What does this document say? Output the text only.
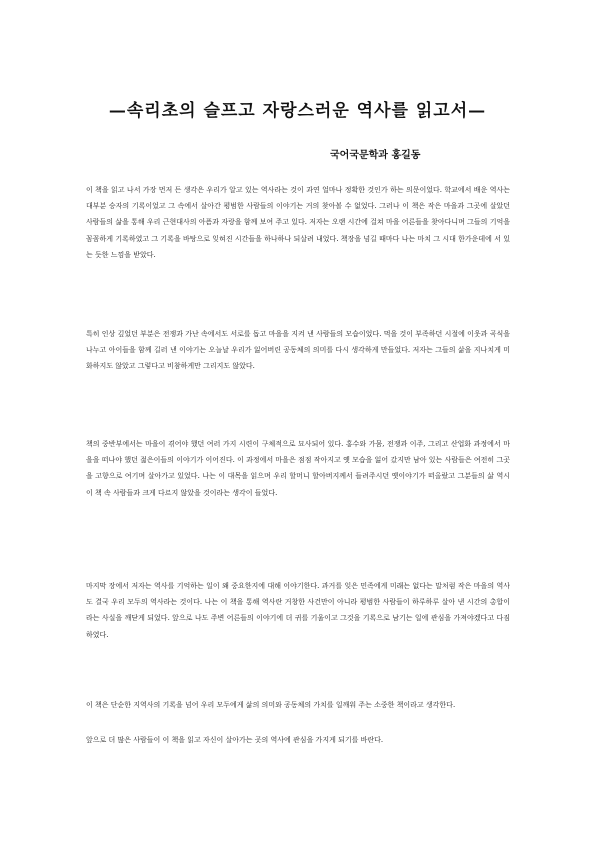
—속리초의 슬프고 자랑스러운 역사를 읽고서—
국어국문학과 홍길동

이 책을 읽고 나서 가장 먼저 든 생각은 우리가 알고 있는 역사라는 것이 과연 얼마나 정확한 것인가 하는 의문이었다. 학교에서 배운 역사는 대부분 승자의 기록이었고 그 속에서 살아간 평범한 사람들의 이야기는 거의 찾아볼 수 없었다. 그러나 이 책은 작은 마을과 그곳에 살았던 사람들의 삶을 통해 우리 근현대사의 아픔과 자랑을 함께 보여 주고 있다. 저자는 오랜 시간에 걸쳐 마을 어른들을 찾아다니며 그들의 기억을 꼼꼼하게 기록하였고 그 기록을 바탕으로 잊혀진 시간들을 하나하나 되살려 내었다. 책장을 넘길 때마다 나는 마치 그 시대 한가운데에 서 있는 듯한 느낌을 받았다.

특히 인상 깊었던 부분은 전쟁과 가난 속에서도 서로를 돕고 마을을 지켜 낸 사람들의 모습이었다. 먹을 것이 부족하던 시절에 이웃과 곡식을 나누고 아이들을 함께 길러 낸 이야기는 오늘날 우리가 잃어버린 공동체의 의미를 다시 생각하게 만들었다. 저자는 그들의 삶을 지나치게 미화하지도 않았고 그렇다고 비참하게만 그리지도 않았다.

책의 중반부에서는 마을이 겪어야 했던 여러 가지 시련이 구체적으로 묘사되어 있다. 홍수와 가뭄, 전쟁과 이주, 그리고 산업화 과정에서 마을을 떠나야 했던 젊은이들의 이야기가 이어진다. 이 과정에서 마을은 점점 작아지고 옛 모습을 잃어 갔지만 남아 있는 사람들은 여전히 그곳을 고향으로 여기며 살아가고 있었다. 나는 이 대목을 읽으며 우리 할머니 할아버지께서 들려주시던 옛이야기가 떠올랐고 그분들의 삶 역시 이 책 속 사람들과 크게 다르지 않았을 것이라는 생각이 들었다.

마지막 장에서 저자는 역사를 기억하는 일이 왜 중요한지에 대해 이야기한다. 과거를 잊은 민족에게 미래는 없다는 말처럼 작은 마을의 역사도 결국 우리 모두의 역사라는 것이다. 나는 이 책을 통해 역사란 거창한 사건만이 아니라 평범한 사람들이 하루하루 살아 낸 시간의 총합이라는 사실을 깨닫게 되었다. 앞으로 나도 주변 어른들의 이야기에 더 귀를 기울이고 그것을 기록으로 남기는 일에 관심을 가져야겠다고 다짐하였다.

이 책은 단순한 지역사의 기록을 넘어 우리 모두에게 삶의 의미와 공동체의 가치를 일깨워 주는 소중한 책이라고 생각한다.

앞으로 더 많은 사람들이 이 책을 읽고 자신이 살아가는 곳의 역사에 관심을 가지게 되기를 바란다.
